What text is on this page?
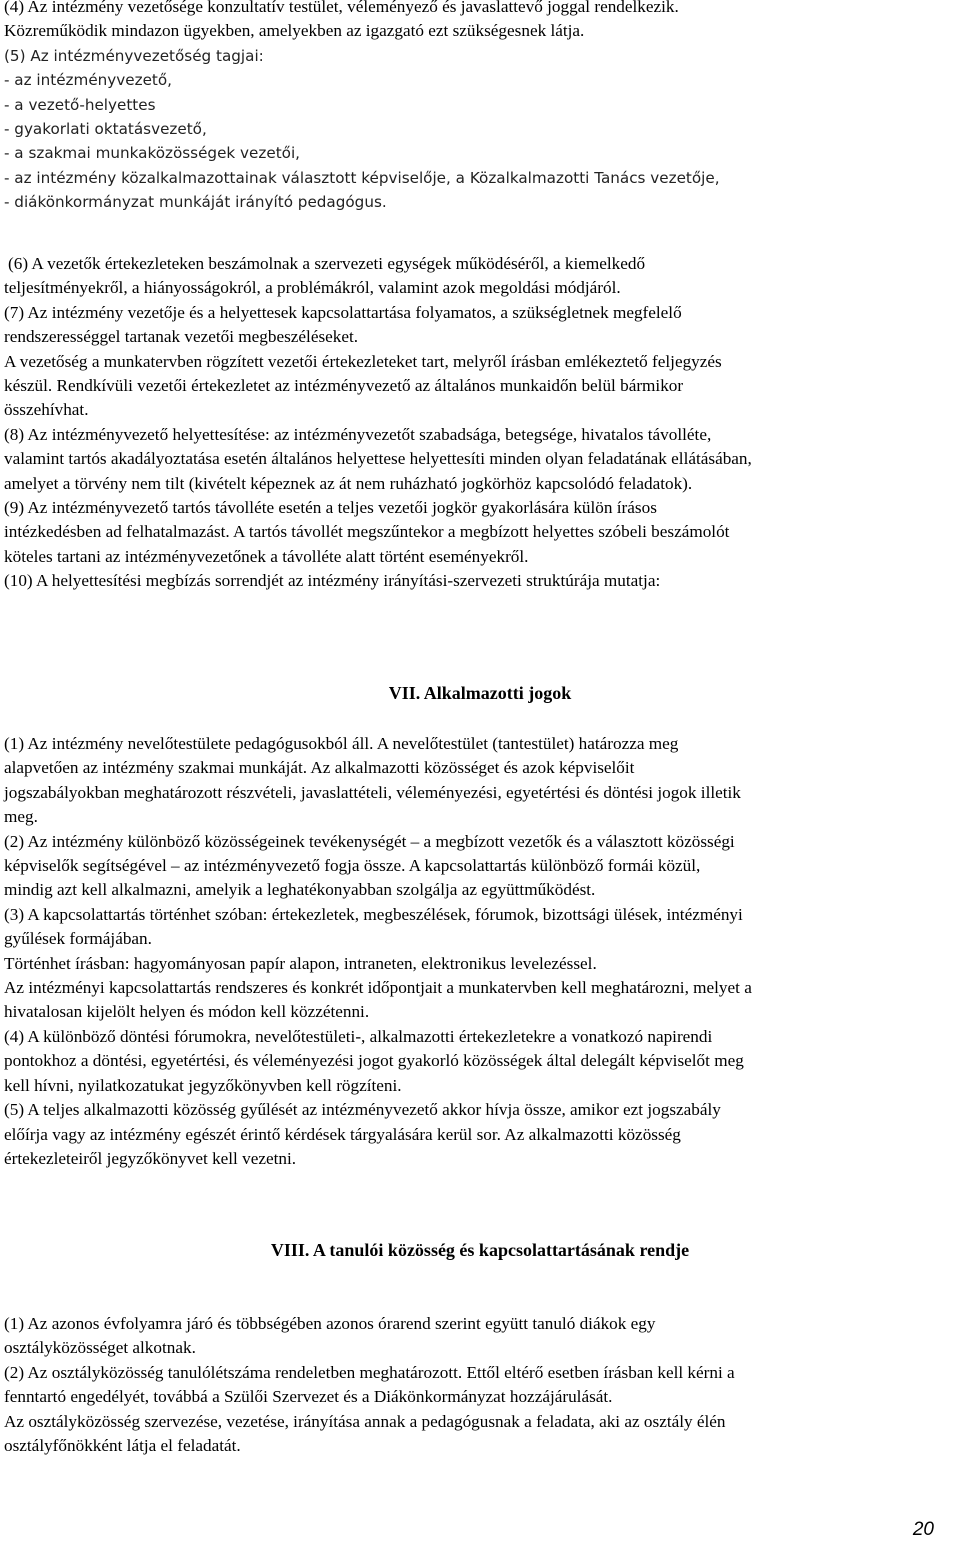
(4) Az intézmény vezetősége konzultatív testület, véleményező és javaslattevő joggal rendelkezik.

Közreműködik mindazon ügyekben, amelyekben az igazgató ezt szükségesnek látja.

(5) Az intézményvezetőség tagjai:

- az intézményvezető,

- a vezető-helyettes

- gyakorlati oktatásvezető,

- a szakmai munkaközösségek vezetői,

- az intézmény közalkalmazottainak választott képviselője, a Közalkalmazotti Tanács vezetője,

- diákönkormányzat munkáját irányító pedagógus.

(6) A vezetők értekezleteken beszámolnak a szervezeti egységek működéséről, a kiemelkedő

teljesítményekről, a hiányosságokról, a problémákról, valamint azok megoldási módjáról.

(7) Az intézmény vezetője és a helyettesek kapcsolattartása folyamatos, a szükségletnek megfelelő

rendszerességgel tartanak vezetői megbeszéléseket.

A vezetőség a munkatervben rögzített vezetői értekezleteket tart, melyről írásban emlékeztető feljegyzés

készül. Rendkívüli vezetői értekezletet az intézményvezető az általános munkaidőn belül bármikor

összehívhat.

(8) Az intézményvezető helyettesítése: az intézményvezetőt szabadsága, betegsége, hivatalos távolléte,

valamint tartós akadályoztatása esetén általános helyettese helyettesíti minden olyan feladatának ellátásában,

amelyet a törvény nem tilt (kivételt képeznek az át nem ruházható jogkörhöz kapcsolódó feladatok).

(9) Az intézményvezető tartós távolléte esetén a teljes vezetői jogkör gyakorlására külön írásos

intézkedésben ad felhatalmazást. A tartós távollét megszűntekor a megbízott helyettes szóbeli beszámolót

köteles tartani az intézményvezetőnek a távolléte alatt történt eseményekről.

(10) A helyettesítési megbízás sorrendjét az intézmény irányítási-szervezeti struktúrája mutatja:

VII. Alkalmazotti jogok

(1) Az intézmény nevelőtestülete pedagógusokból áll. A nevelőtestület (tantestület) határozza meg

alapvetően az intézmény szakmai munkáját. Az alkalmazotti közösséget és azok képviselőit

jogszabályokban meghatározott részvételi, javaslattételi, véleményezési, egyetértési és döntési jogok illetik

meg.

(2) Az intézmény különböző közösségeinek tevékenységét – a megbízott vezetők és a választott közösségi

képviselők segítségével – az intézményvezető fogja össze. A kapcsolattartás különböző formái közül,

mindig azt kell alkalmazni, amelyik a leghatékonyabban szolgálja az együttműködést.

(3) A kapcsolattartás történhet szóban: értekezletek, megbeszélések, fórumok, bizottsági ülések, intézményi

gyűlések formájában.

Történhet írásban: hagyományosan papír alapon, intraneten, elektronikus levelezéssel.

Az intézményi kapcsolattartás rendszeres és konkrét időpontjait a munkatervben kell meghatározni, melyet a

hivatalosan kijelölt helyen és módon kell közzétenni.

(4) A különböző döntési fórumokra, nevelőtestületi-, alkalmazotti értekezletekre a vonatkozó napirendi

pontokhoz a döntési, egyetértési, és véleményezési jogot gyakorló közösségek által delegált képviselőt meg

kell hívni, nyilatkozatukat jegyzőkönyvben kell rögzíteni.

(5) A teljes alkalmazotti közösség gyűlését az intézményvezető akkor hívja össze, amikor ezt jogszabály

előírja vagy az intézmény egészét érintő kérdések tárgyalására kerül sor. Az alkalmazotti közösség

értekezleteiről jegyzőkönyvet kell vezetni.

VIII. A tanulói közösség és kapcsolattartásának rendje

(1) Az azonos évfolyamra járó és többségében azonos órarend szerint együtt tanuló diákok egy

osztályközösséget alkotnak.

(2) Az osztályközösség tanulólétszáma rendeletben meghatározott. Ettől eltérő esetben írásban kell kérni a

fenntartó engedélyét, továbbá a Szülői Szervezet és a Diákönkormányzat hozzájárulását.

Az osztályközösség szervezése, vezetése, irányítása annak a pedagógusnak a feladata, aki az osztály élén

osztályfőnökként látja el feladatát.

20
